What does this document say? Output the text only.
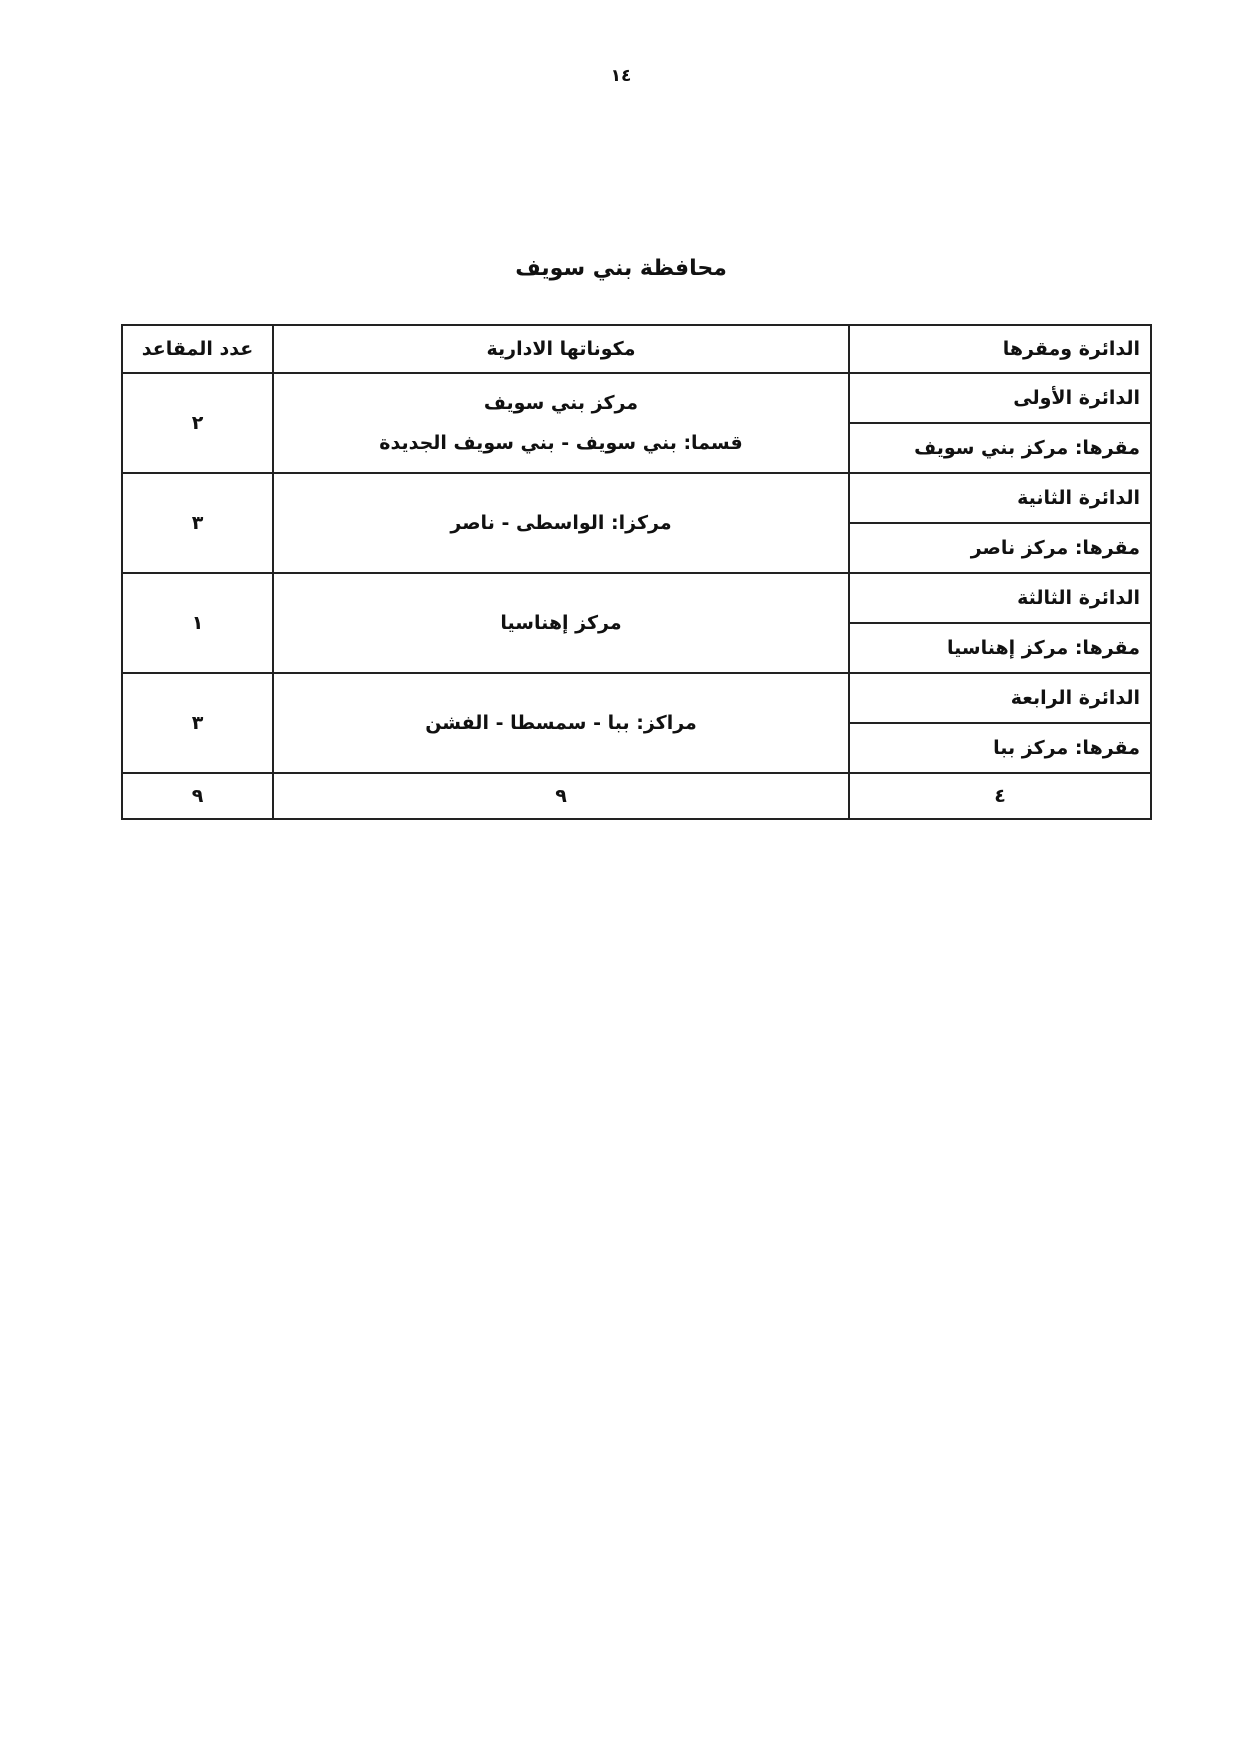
١٤
محافظة بني سويف
الدائرة ومقرها	مكوناتها الادارية	عدد المقاعد
الدائرة الأولى	مركز بني سويف
قسما: بني سويف - بني سويف الجديدة	٢
مقرها: مركز بني سويف		
الدائرة الثانية	مركزا: الواسطى - ناصر	٣
مقرها: مركز ناصر		
الدائرة الثالثة	مركز إهناسيا	١
مقرها: مركز إهناسيا		
الدائرة الرابعة	مراكز: ببا - سمسطا - الفشن	٣
مقرها: مركز ببا		
٤	٩	٩
